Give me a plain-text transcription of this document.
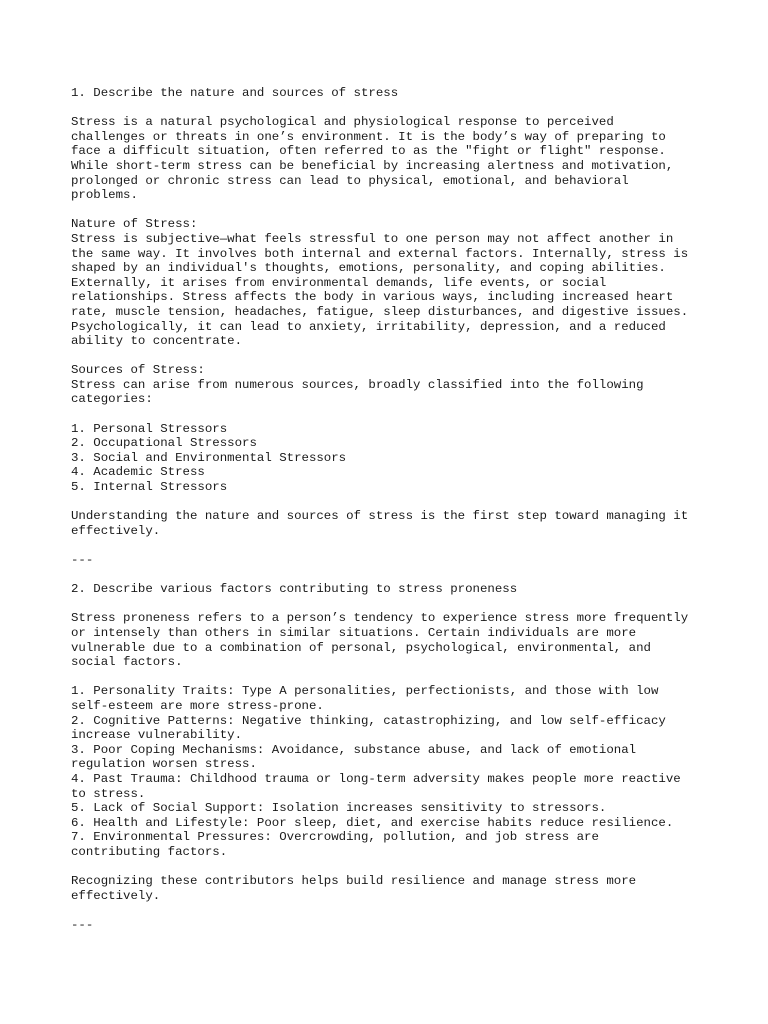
1. Describe the nature and sources of stress
Stress is a natural psychological and physiological response to perceived
challenges or threats in one’s environment. It is the body’s way of preparing to
face a difficult situation, often referred to as the "fight or flight" response.
While short-term stress can be beneficial by increasing alertness and motivation,
prolonged or chronic stress can lead to physical, emotional, and behavioral
problems.
Nature of Stress:
Stress is subjective—what feels stressful to one person may not affect another in
the same way. It involves both internal and external factors. Internally, stress is
shaped by an individual's thoughts, emotions, personality, and coping abilities.
Externally, it arises from environmental demands, life events, or social
relationships. Stress affects the body in various ways, including increased heart
rate, muscle tension, headaches, fatigue, sleep disturbances, and digestive issues.
Psychologically, it can lead to anxiety, irritability, depression, and a reduced
ability to concentrate.
Sources of Stress:
Stress can arise from numerous sources, broadly classified into the following
categories:
1. Personal Stressors
2. Occupational Stressors
3. Social and Environmental Stressors
4. Academic Stress
5. Internal Stressors
Understanding the nature and sources of stress is the first step toward managing it
effectively.
---
2. Describe various factors contributing to stress proneness
Stress proneness refers to a person’s tendency to experience stress more frequently
or intensely than others in similar situations. Certain individuals are more
vulnerable due to a combination of personal, psychological, environmental, and
social factors.
1. Personality Traits: Type A personalities, perfectionists, and those with low
self-esteem are more stress-prone.
2. Cognitive Patterns: Negative thinking, catastrophizing, and low self-efficacy
increase vulnerability.
3. Poor Coping Mechanisms: Avoidance, substance abuse, and lack of emotional
regulation worsen stress.
4. Past Trauma: Childhood trauma or long-term adversity makes people more reactive
to stress.
5. Lack of Social Support: Isolation increases sensitivity to stressors.
6. Health and Lifestyle: Poor sleep, diet, and exercise habits reduce resilience.
7. Environmental Pressures: Overcrowding, pollution, and job stress are
contributing factors.
Recognizing these contributors helps build resilience and manage stress more
effectively.
---
